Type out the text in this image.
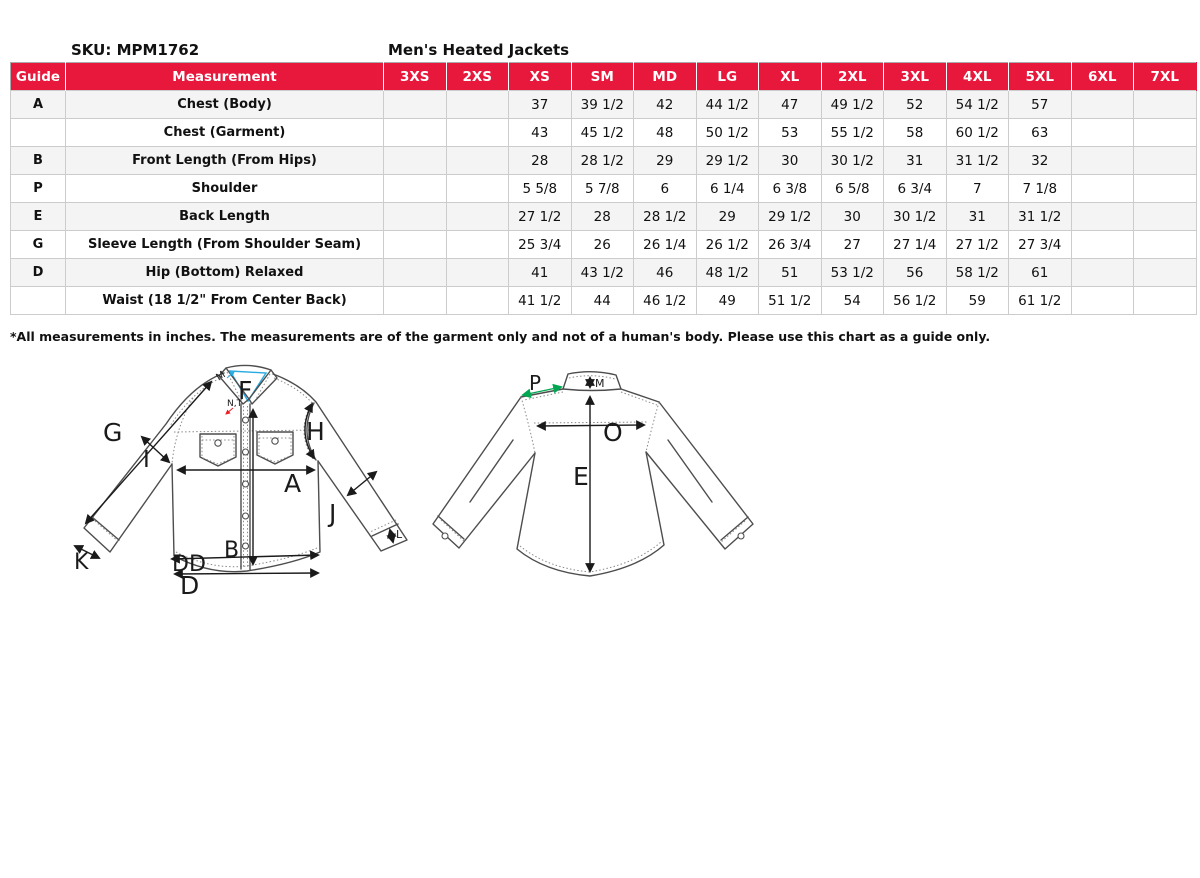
SKU: MPM1762	Men's Heated Jackets
Guide	Measurement	3XS	2XS	XS	SM	MD	LG	XL	2XL	3XL	4XL	5XL	6XL	7XL
A	Chest (Body)			37	39 1/2	42	44 1/2	47	49 1/2	52	54 1/2	57		
	Chest (Garment)			43	45 1/2	48	50 1/2	53	55 1/2	58	60 1/2	63		
B	Front Length (From Hips)			28	28 1/2	29	29 1/2	30	30 1/2	31	31 1/2	32		
P	Shoulder			5 5/8	5 7/8	6	6 1/4	6 3/8	6 5/8	6 3/4	7	7 1/8		
E	Back Length			27 1/2	28	28 1/2	29	29 1/2	30	30 1/2	31	31 1/2		
G	Sleeve Length (From Shoulder Seam)			25 3/4	26	26 1/4	26 1/2	26 3/4	27	27 1/4	27 1/2	27 3/4		
D	Hip (Bottom) Relaxed			41	43 1/2	46	48 1/2	51	53 1/2	56	58 1/2	61		
	Waist (18 1/2" From Center Back)			41 1/2	44	46 1/2	49	51 1/2	54	56 1/2	59	61 1/2		
*All measurements in inches. The measurements are of the garment only and not of a human's body. Please use this chart as a guide only.
G
I
F
H
A
J
B
DD
D
K
L
M
N,T
P	M
O
E
